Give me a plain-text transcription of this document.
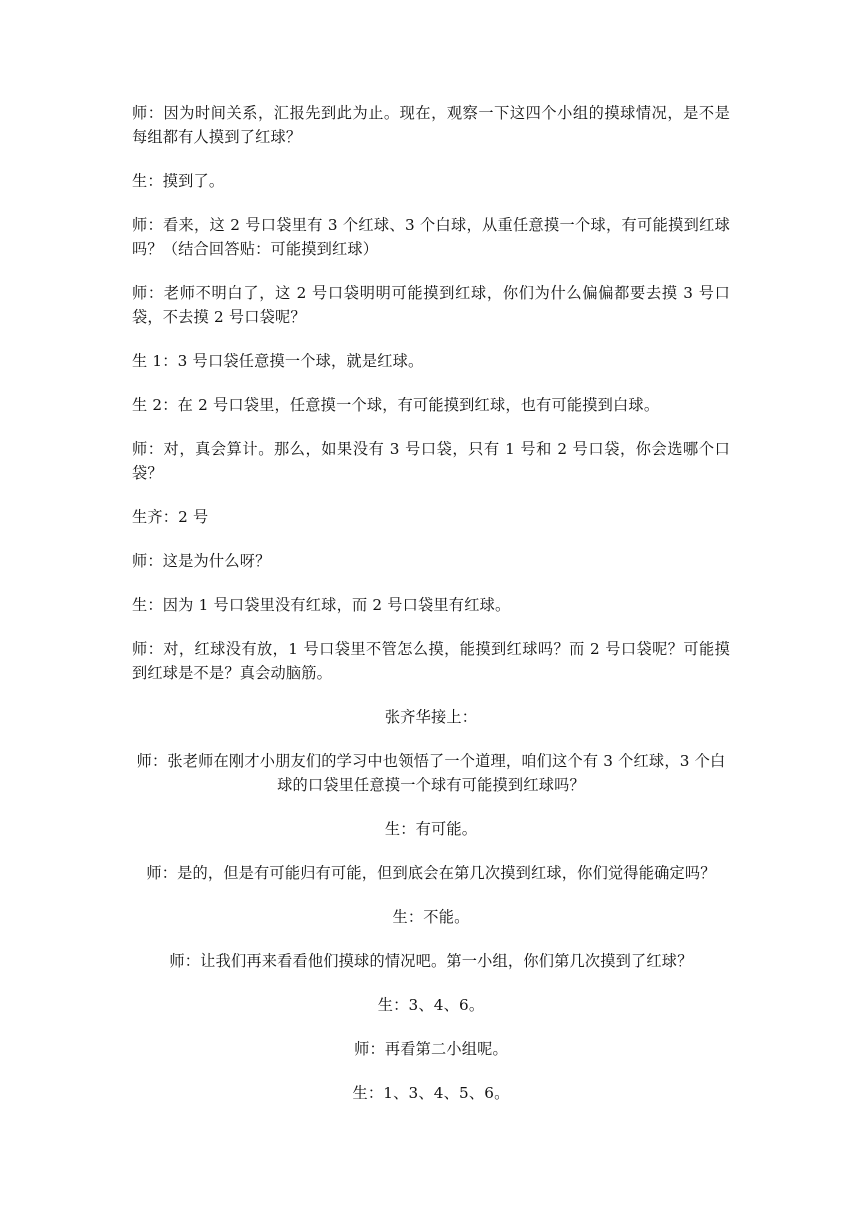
师：因为时间关系，汇报先到此为止。现在，观察一下这四个小组的摸球情况，是不是每组都有人摸到了红球？

生：摸到了。

师：看来，这 2 号口袋里有 3 个红球、3 个白球，从重任意摸一个球，有可能摸到红球吗？（结合回答贴：可能摸到红球）

师：老师不明白了，这 2 号口袋明明可能摸到红球，你们为什么偏偏都要去摸 3 号口袋，不去摸 2 号口袋呢？

生 1：3 号口袋任意摸一个球，就是红球。

生 2：在 2 号口袋里，任意摸一个球，有可能摸到红球，也有可能摸到白球。

师：对，真会算计。那么，如果没有 3 号口袋，只有 1 号和 2 号口袋，你会选哪个口袋？

生齐：2 号

师：这是为什么呀？

生：因为 1 号口袋里没有红球，而 2 号口袋里有红球。

师：对，红球没有放，1 号口袋里不管怎么摸，能摸到红球吗？而 2 号口袋呢？可能摸到红球是不是？真会动脑筋。

张齐华接上：

师：张老师在刚才小朋友们的学习中也领悟了一个道理，咱们这个有 3 个红球，3 个白球的口袋里任意摸一个球有可能摸到红球吗？

生：有可能。

师：是的，但是有可能归有可能，但到底会在第几次摸到红球，你们觉得能确定吗？

生：不能。

师：让我们再来看看他们摸球的情况吧。第一小组，你们第几次摸到了红球？

生：3、4、6。

师：再看第二小组呢。

生：1、3、4、5、6。
